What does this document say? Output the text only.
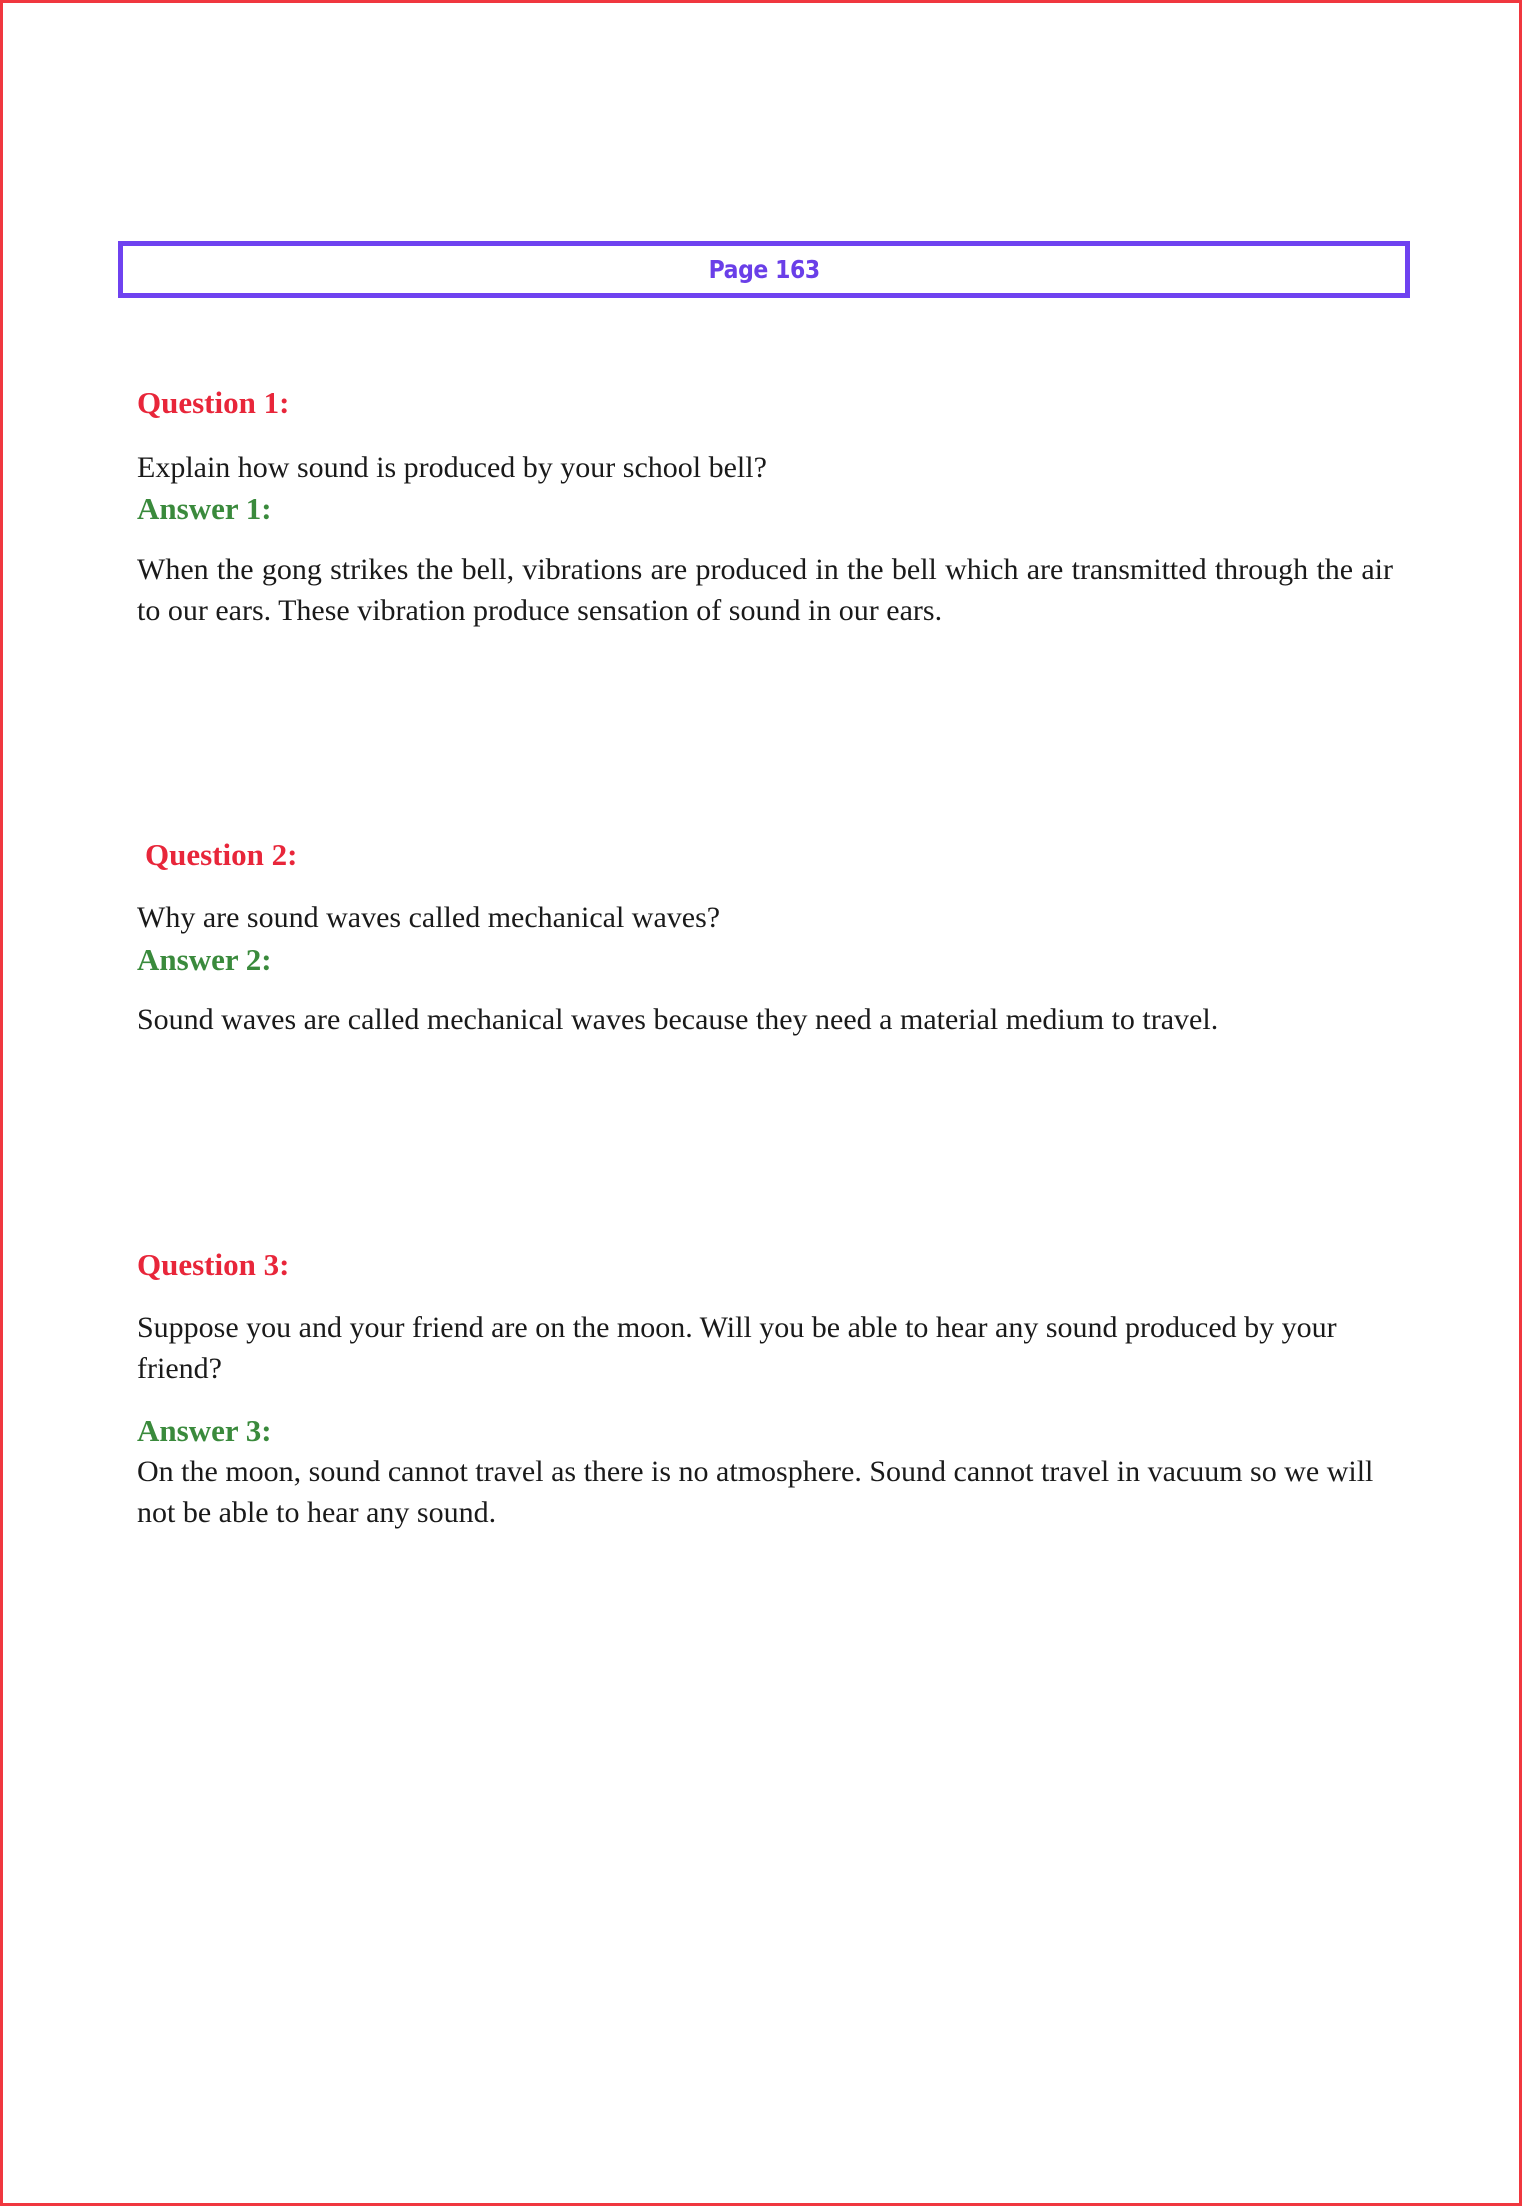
Page 163
Question 1:
Explain how sound is produced by your school bell?
Answer 1:
When the gong strikes the bell, vibrations are produced in the bell which are transmitted through the air to our ears. These vibration produce sensation of sound in our ears.
Question 2:
Why are sound waves called mechanical waves?
Answer 2:
Sound waves are called mechanical waves because they need a material medium to travel.
Question 3:
Suppose you and your friend are on the moon. Will you be able to hear any sound produced by your friend?
Answer 3:
On the moon, sound cannot travel as there is no atmosphere. Sound cannot travel in vacuum so we will not be able to hear any sound.
